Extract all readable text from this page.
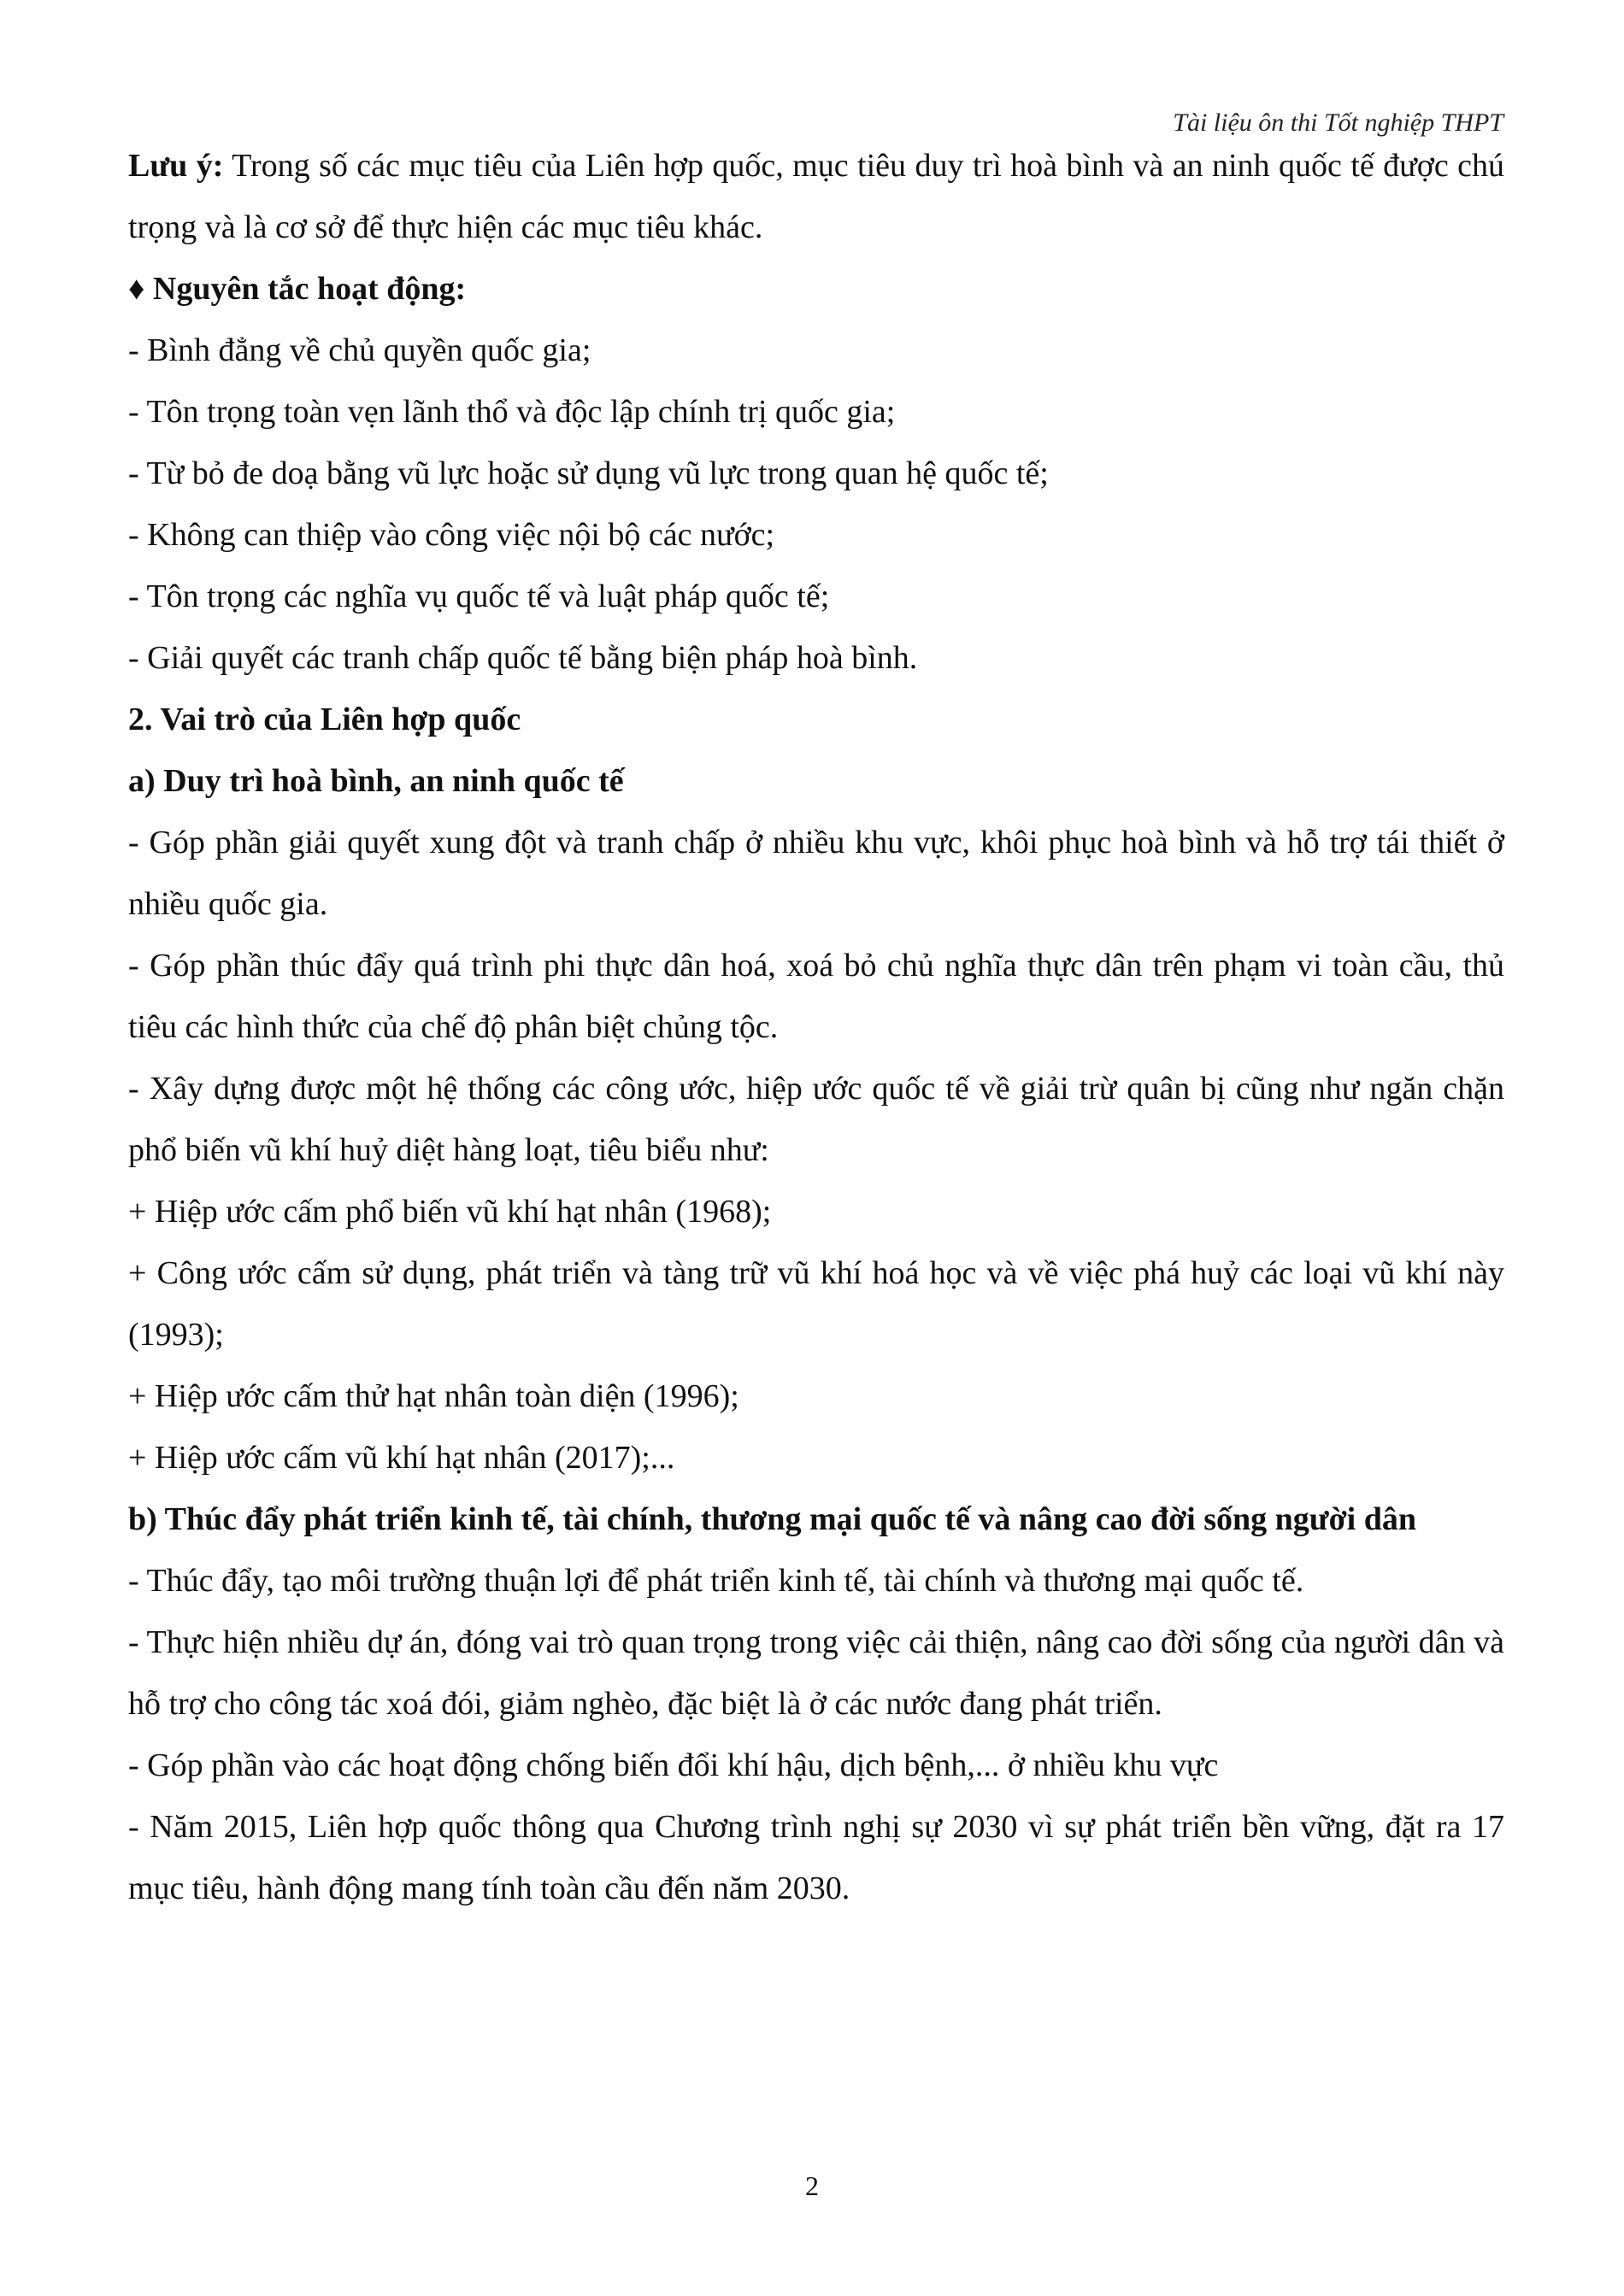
Tài liệu ôn thi Tốt nghiệp THPT

Lưu ý: Trong số các mục tiêu của Liên hợp quốc, mục tiêu duy trì hoà bình và an ninh quốc tế được chú trọng và là cơ sở để thực hiện các mục tiêu khác.

♦ Nguyên tắc hoạt động:

- Bình đẳng về chủ quyền quốc gia;

- Tôn trọng toàn vẹn lãnh thổ và độc lập chính trị quốc gia;

- Từ bỏ đe doạ bằng vũ lực hoặc sử dụng vũ lực trong quan hệ quốc tế;

- Không can thiệp vào công việc nội bộ các nước;

- Tôn trọng các nghĩa vụ quốc tế và luật pháp quốc tế;

- Giải quyết các tranh chấp quốc tế bằng biện pháp hoà bình.

2. Vai trò của Liên hợp quốc

a) Duy trì hoà bình, an ninh quốc tế

- Góp phần giải quyết xung đột và tranh chấp ở nhiều khu vực, khôi phục hoà bình và hỗ trợ tái thiết ở nhiều quốc gia.

- Góp phần thúc đẩy quá trình phi thực dân hoá, xoá bỏ chủ nghĩa thực dân trên phạm vi toàn cầu, thủ tiêu các hình thức của chế độ phân biệt chủng tộc.

- Xây dựng được một hệ thống các công ước, hiệp ước quốc tế về giải trừ quân bị cũng như ngăn chặn phổ biến vũ khí huỷ diệt hàng loạt, tiêu biểu như:

+ Hiệp ước cấm phổ biến vũ khí hạt nhân (1968);

+ Công ước cấm sử dụng, phát triển và tàng trữ vũ khí hoá học và về việc phá huỷ các loại vũ khí này (1993);

+ Hiệp ước cấm thử hạt nhân toàn diện (1996);

+ Hiệp ước cấm vũ khí hạt nhân (2017);...

b) Thúc đẩy phát triển kinh tế, tài chính, thương mại quốc tế và nâng cao đời sống người dân

- Thúc đẩy, tạo môi trường thuận lợi để phát triển kinh tế, tài chính và thương mại quốc tế.

- Thực hiện nhiều dự án, đóng vai trò quan trọng trong việc cải thiện, nâng cao đời sống của người dân và hỗ trợ cho công tác xoá đói, giảm nghèo, đặc biệt là ở các nước đang phát triển.

- Góp phần vào các hoạt động chống biến đổi khí hậu, dịch bệnh,... ở nhiều khu vực

- Năm 2015, Liên hợp quốc thông qua Chương trình nghị sự 2030 vì sự phát triển bền vững, đặt ra 17 mục tiêu, hành động mang tính toàn cầu đến năm 2030.

2
